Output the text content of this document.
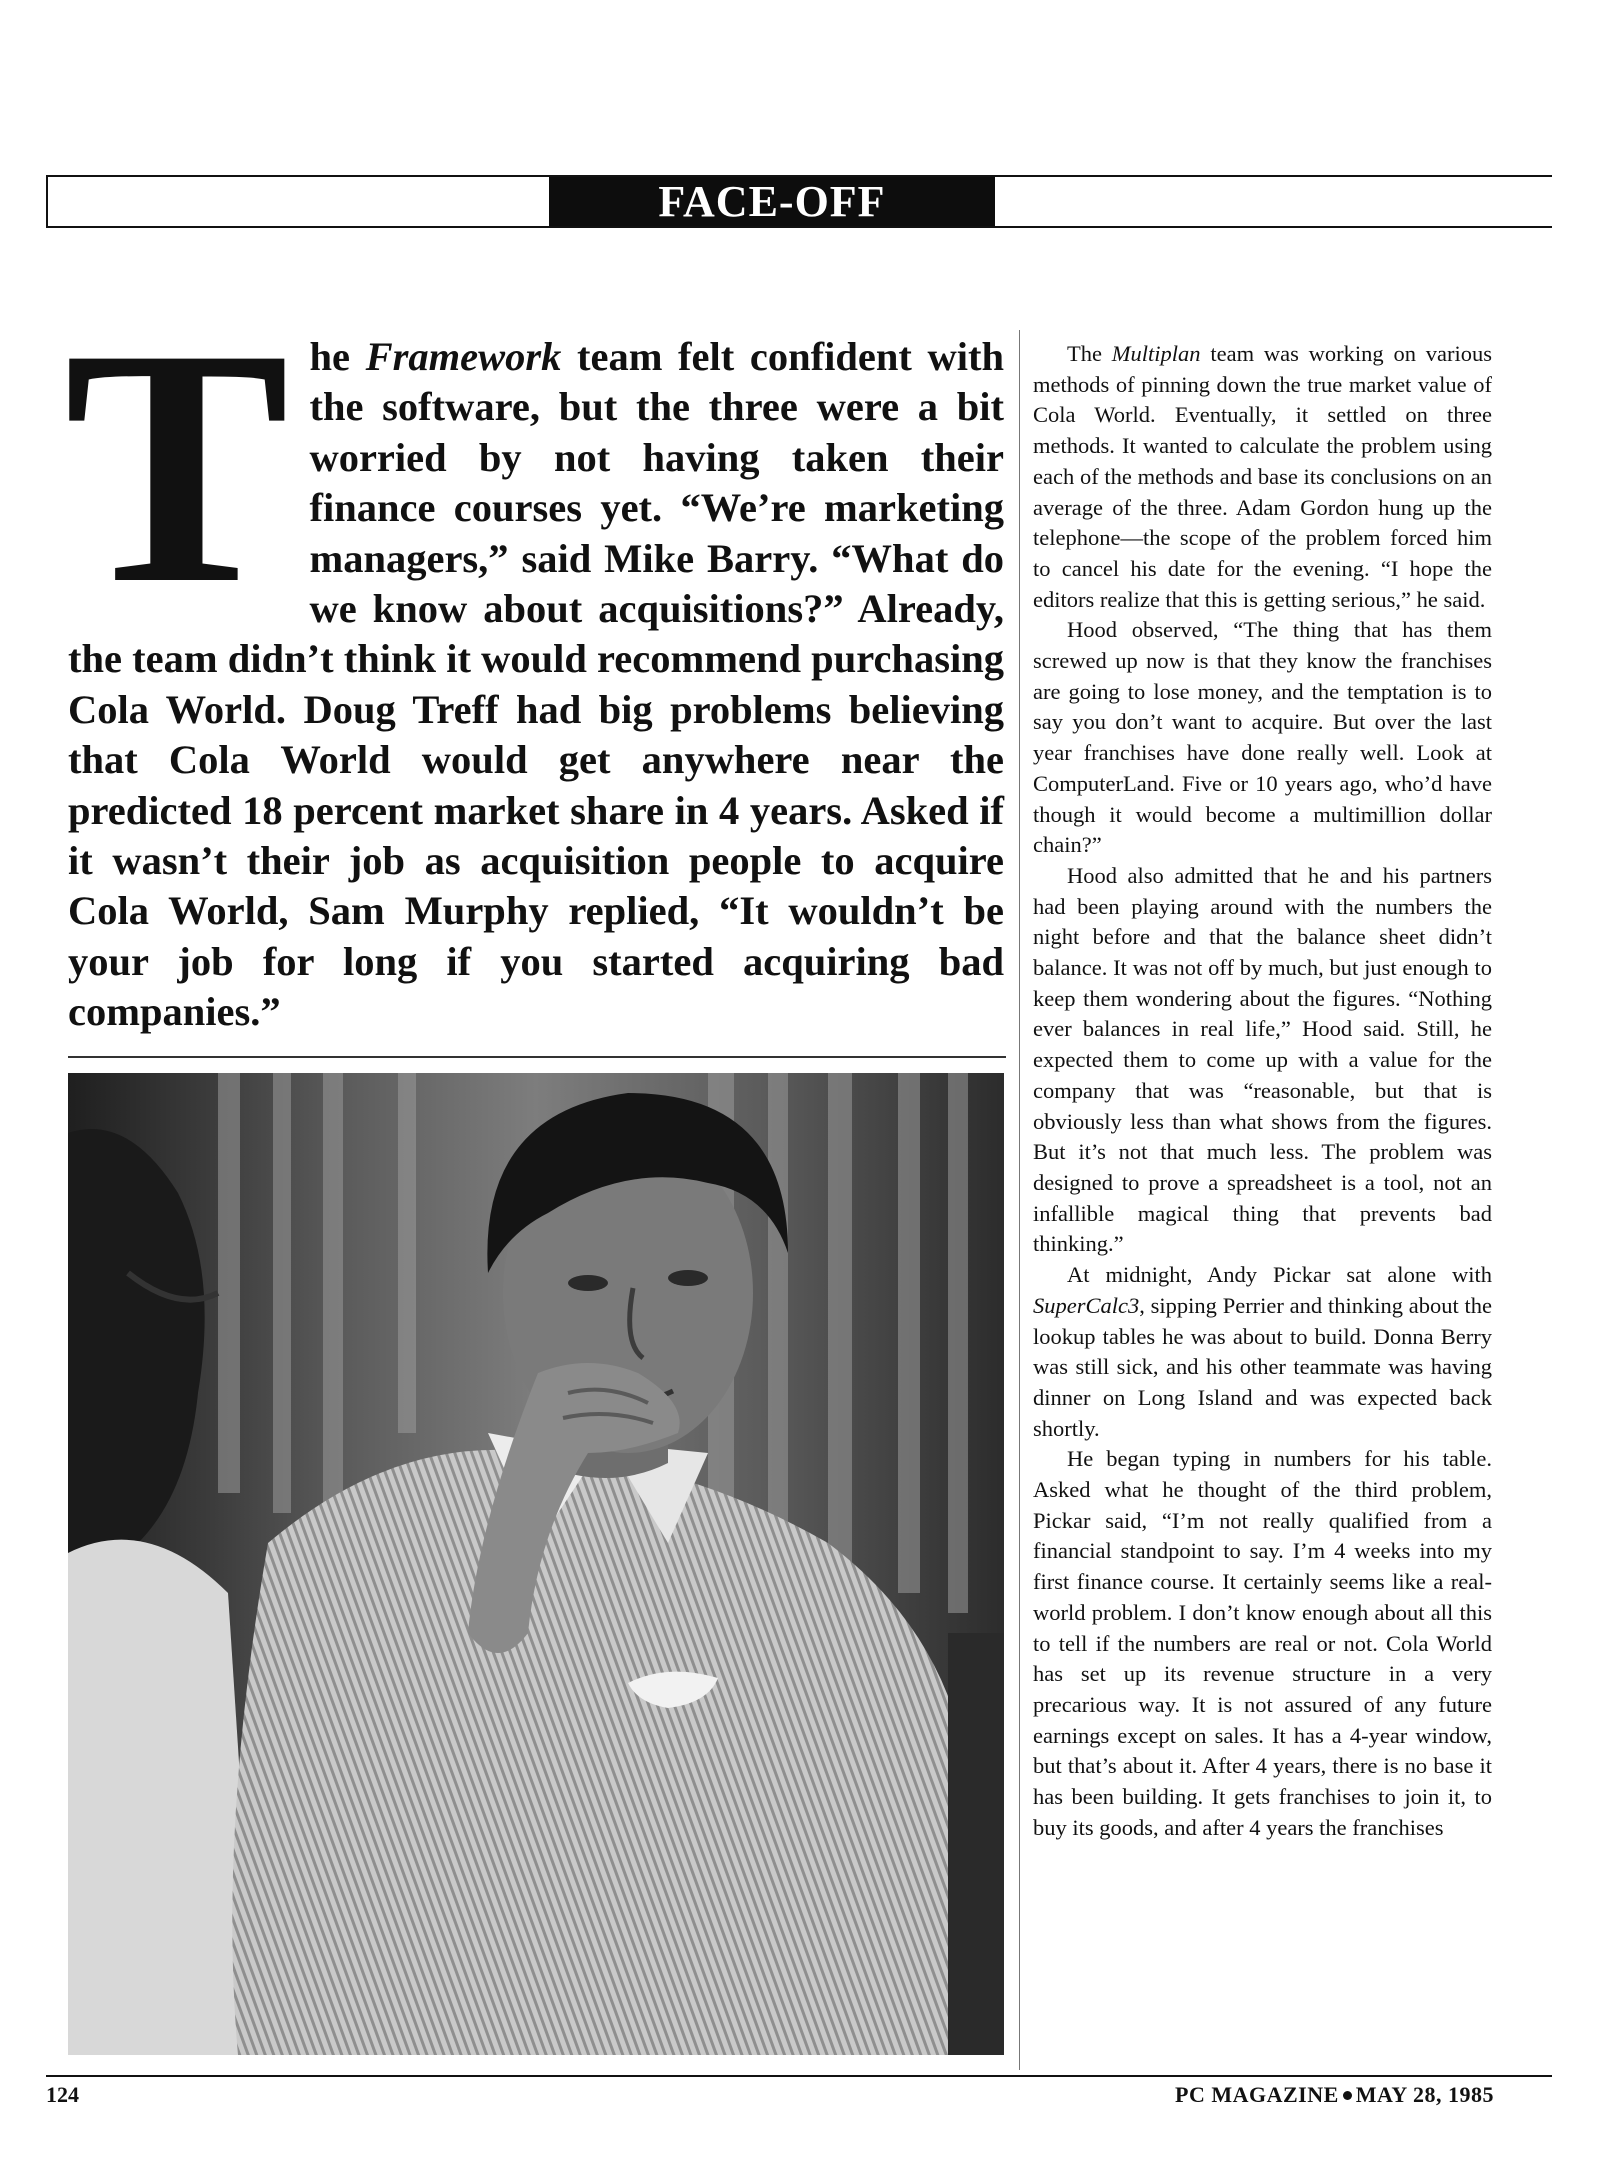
FACE-OFF

The Framework team felt confident with the software, but the three were a bit worried by not having taken their finance courses yet. “We’re marketing managers,” said Mike Barry. “What do we know about acquisitions?” Already, the team didn’t think it would recommend purchasing Cola World. Doug Treff had big problems believing that Cola World would get anywhere near the predicted 18 percent market share in 4 years. Asked if it wasn’t their job as acquisition people to acquire Cola World, Sam Murphy replied, “It wouldn’t be your job for long if you started acquiring bad companies.”

The Multiplan team was working on various methods of pinning down the true market value of Cola World. Eventually, it settled on three methods. It wanted to calculate the problem using each of the methods and base its conclusions on an average of the three. Adam Gordon hung up the telephone—the scope of the problem forced him to cancel his date for the evening. “I hope the editors realize that this is getting serious,” he said.

Hood observed, “The thing that has them screwed up now is that they know the franchises are going to lose money, and the temptation is to say you don’t want to acquire. But over the last year franchises have done really well. Look at ComputerLand. Five or 10 years ago, who’d have though it would become a multimillion dollar chain?”

Hood also admitted that he and his partners had been playing around with the numbers the night before and that the balance sheet didn’t balance. It was not off by much, but just enough to keep them wondering about the figures. “Nothing ever balances in real life,” Hood said. Still, he expected them to come up with a value for the company that was “reasonable, but that is obviously less than what shows from the figures. But it’s not that much less. The problem was designed to prove a spreadsheet is a tool, not an infallible magical thing that prevents bad thinking.”

At midnight, Andy Pickar sat alone with SuperCalc3, sipping Perrier and thinking about the lookup tables he was about to build. Donna Berry was still sick, and his other teammate was having dinner on Long Island and was expected back shortly.

He began typing in numbers for his table. Asked what he thought of the third problem, Pickar said, “I’m not really qualified from a financial standpoint to say. I’m 4 weeks into my first finance course. It certainly seems like a real-world problem. I don’t know enough about all this to tell if the numbers are real or not. Cola World has set up its revenue structure in a very precarious way. It is not assured of any future earnings except on sales. It has a 4-year window, but that’s about it. After 4 years, there is no base it has been building. It gets franchises to join it, to buy its goods, and after 4 years the franchises

124	PC MAGAZINE MAY 28, 1985
